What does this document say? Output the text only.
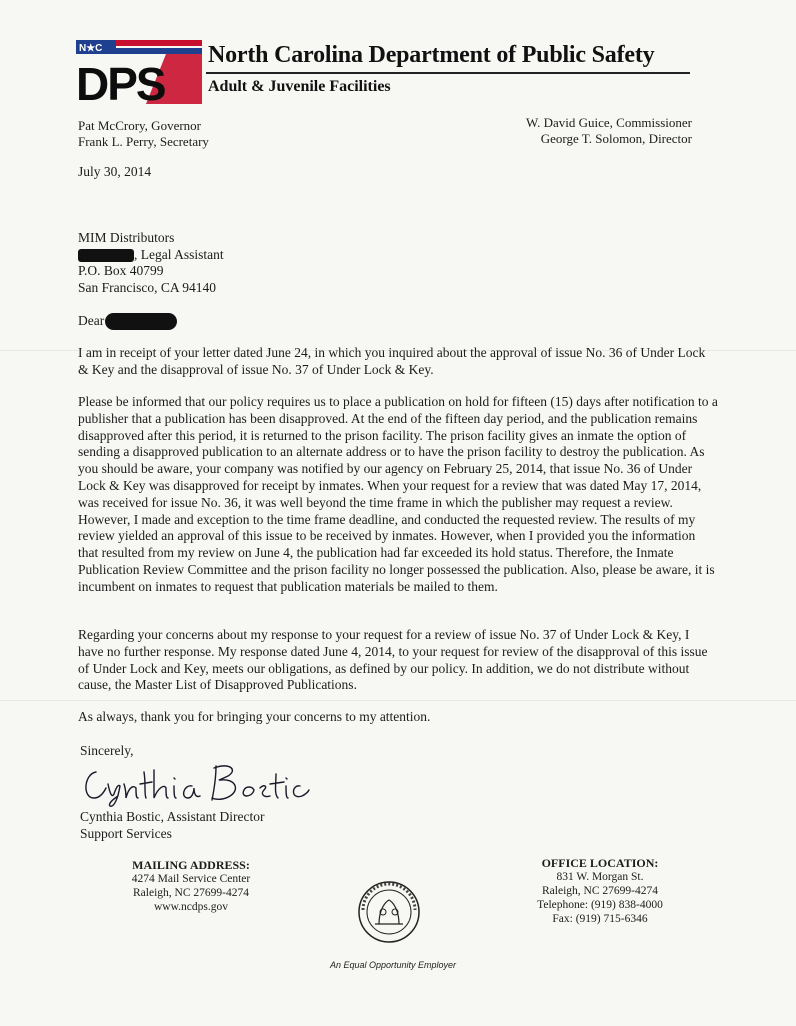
N★C
DPS
North Carolina Department of Public Safety
Adult & Juvenile Facilities
Pat McCrory, Governor
Frank L. Perry, Secretary
W. David Guice, Commissioner
George T. Solomon, Director
July 30, 2014
MIM Distributors
, Legal Assistant
P.O. Box 40799
San Francisco, CA 94140
Dear

I am in receipt of your letter dated June 24, in which you inquired about the approval of issue No. 36 of Under Lock & Key and the disapproval of issue No. 37 of Under Lock & Key.

Please be informed that our policy requires us to place a publication on hold for fifteen (15) days after notification to a publisher that a publication has been disapproved. At the end of the fifteen day period, and the publication remains disapproved after this period, it is returned to the prison facility. The prison facility gives an inmate the option of sending a disapproved publication to an alternate address or to have the prison facility to destroy the publication. As you should be aware, your company was notified by our agency on February 25, 2014, that issue No. 36 of Under Lock & Key was disapproved for receipt by inmates. When your request for a review that was dated May 17, 2014, was received for issue No. 36, it was well beyond the time frame in which the publisher may request a review. However, I made and exception to the time frame deadline, and conducted the requested review. The results of my review yielded an approval of this issue to be received by inmates. However, when I provided you the information that resulted from my review on June 4, the publication had far exceeded its hold status. Therefore, the Inmate Publication Review Committee and the prison facility no longer possessed the publication. Also, please be aware, it is incumbent on inmates to request that publication materials be mailed to them.

Regarding your concerns about my response to your request for a review of issue No. 37 of Under Lock & Key, I have no further response. My response dated June 4, 2014, to your request for review of the disapproval of this issue of Under Lock and Key, meets our obligations, as defined by our policy. In addition, we do not distribute without cause, the Master List of Disapproved Publications.

As always, thank you for bringing your concerns to my attention.

Sincerely,
Cynthia Bostic, Assistant Director
Support Services
MAILING ADDRESS:
4274 Mail Service Center
Raleigh, NC 27699-4274
www.ncdps.gov
OFFICE LOCATION:
831 W. Morgan St.
Raleigh, NC 27699-4274
Telephone: (919) 838-4000
Fax: (919) 715-6346
An Equal Opportunity Employer
